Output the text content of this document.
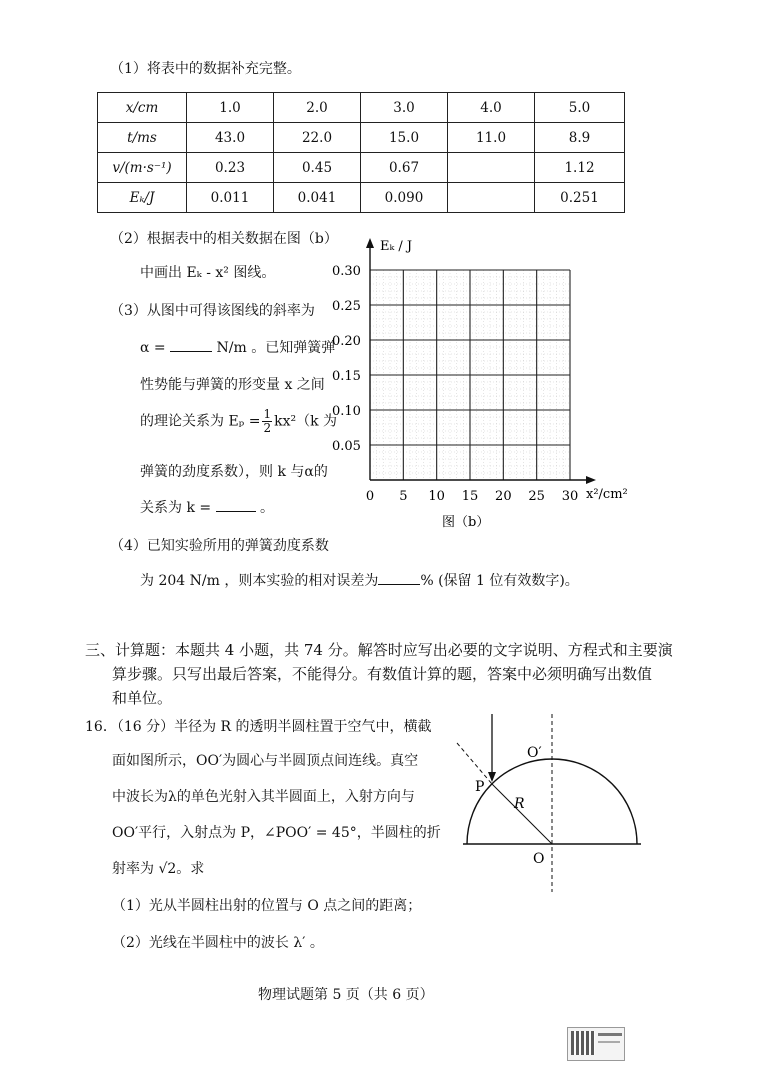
（1）将表中的数据补充完整。
x/cm	1.0	2.0	3.0	4.0	5.0
t/ms	43.0	22.0	15.0	11.0	8.9
v/(m·s⁻¹)	0.23	0.45	0.67		1.12
Eₖ/J	0.011	0.041	0.090		0.251
（2）根据表中的相关数据在图（b）
中画出 Eₖ - x² 图线。
（3）从图中可得该图线的斜率为
α =	N/m 。已知弹簧弹
性势能与弹簧的形变量 x 之间
的理论关系为 $E_p = \frac{1}{2} kx^2(k$ 为
弹簧的劲度系数），则 k 与α的
关系为 k =	。
Eₖ / J
x²/cm²
0.30
0.25
0.20
0.15
0.10
0.05
0 5 10 15 20 25 30
图（b）
（4）已知实验所用的弹簧劲度系数
为 204 N/m ，则本实验的相对误差为	% (保留 1 位有效数字)。
三、计算题：本题共 4 小题，共 74 分。解答时应写出必要的文字说明、方程式和主要演
算步骤。只写出最后答案，不能得分。有数值计算的题，答案中必须明确写出数值
和单位。
16．（16 分）半径为 R 的透明半圆柱置于空气中，横截
面如图所示，OO′为圆心与半圆顶点间连线。真空
中波长为λ的单色光射入其半圆面上，入射方向与
OO′平行，入射点为 P，∠POO′ = 45°，半圆柱的折
射率为 √2。求
（1）光从半圆柱出射的位置与 O 点之间的距离；
（2）光线在半圆柱中的波长 λ′ 。
O′
P
R
O
物理试题第 5 页（共 6 页）
